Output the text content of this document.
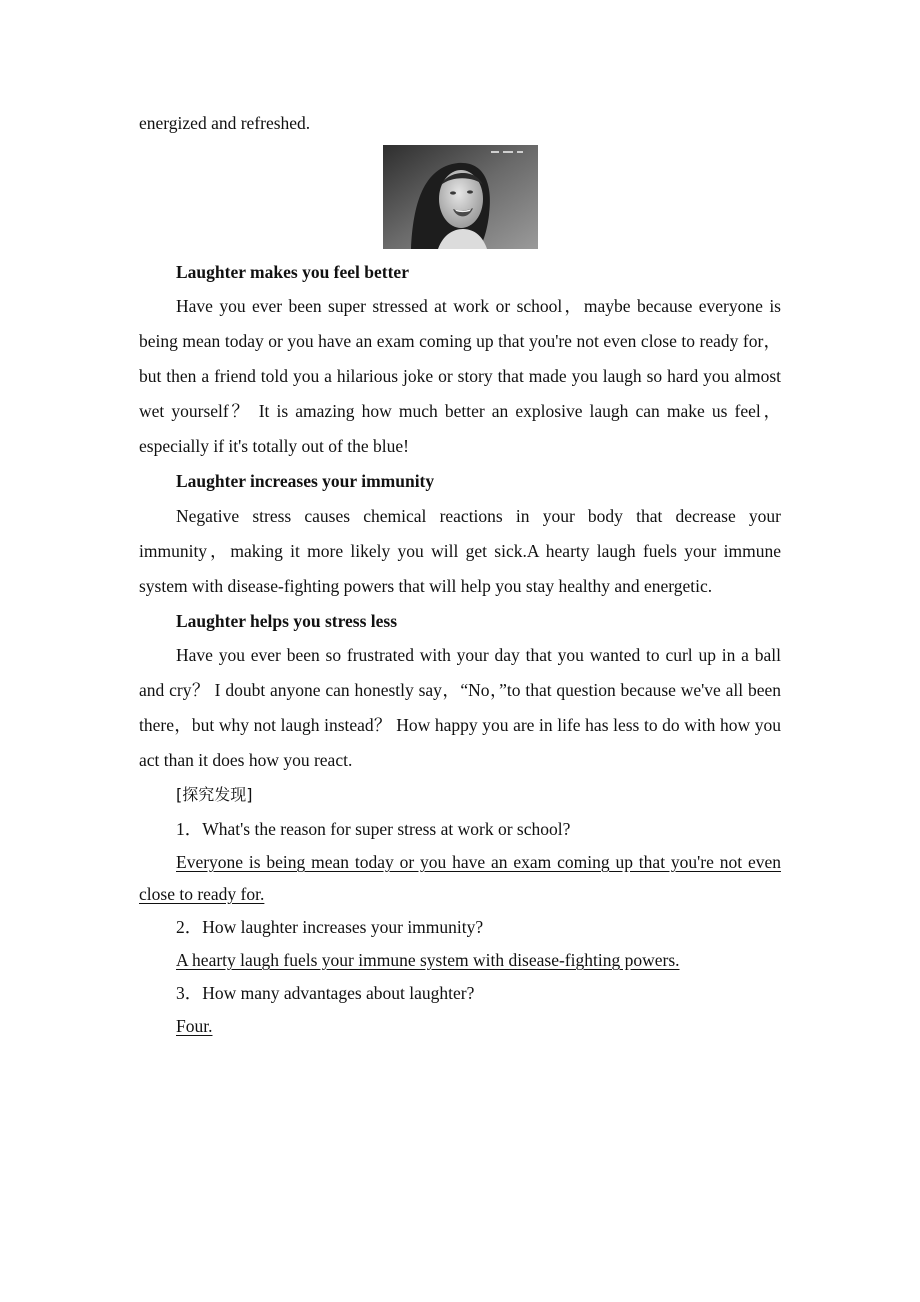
energized and refreshed.

Laughter makes you feel better

Have you ever been super stressed at work or school，maybe because everyone is being mean today or you have an exam coming up that you're not even close to ready for， but then a friend told you a hilarious joke or story that made you laugh so hard you almost wet yourself？ It is amazing how much better an explosive laugh can make us feel，especially if it's totally out of the blue!

Laughter increases your immunity

Negative stress causes chemical reactions in your body that decrease your immunity，making it more likely you will get sick.A hearty laugh fuels your immune system with disease-fighting powers that will help you stay healthy and energetic.

Laughter helps you stress less

Have you ever been so frustrated with your day that you wanted to curl up in a ball and cry？ I doubt anyone can honestly say，“No，”to that question because we've all been there，but why not laugh instead？ How happy you are in life has less to do with how you act than it does how you react.

[探究发现]

1．What's the reason for super stress at work or school?

Everyone is being mean today or you have an exam coming up that you're not even close to ready for.

2．How laughter increases your immunity?

A hearty laugh fuels your immune system with disease-fighting powers.

3．How many advantages about laughter?

Four.
